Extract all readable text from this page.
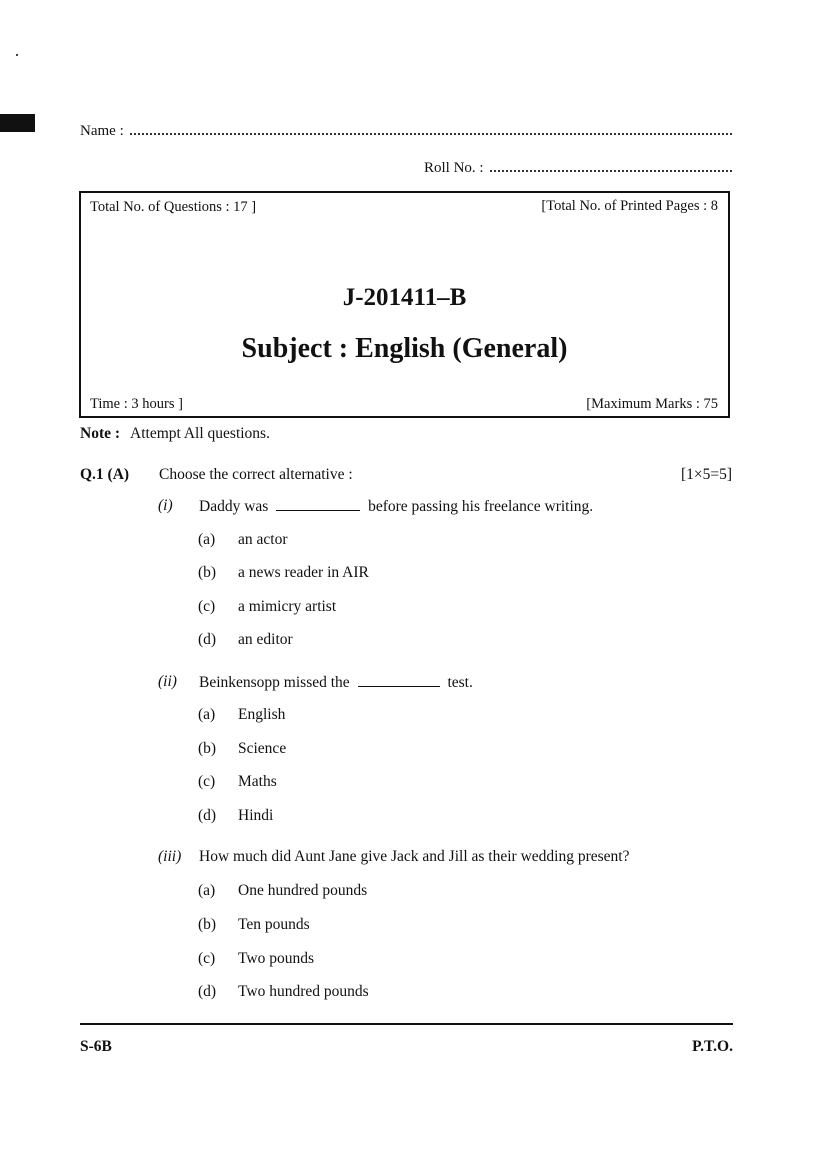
Name :
Roll No. :
Total No. of Questions : 17 ]	[Total No. of Printed Pages : 8
J-201411–B
Subject : English (General)
Time : 3 hours ]	[Maximum Marks : 75
Note : Attempt All questions.
Q.1 (A) Choose the correct alternative :	[1×5=5]
(i) Daddy was	before passing his freelance writing.
(a) an actor
(b) a news reader in AIR
(c) a mimicry artist
(d) an editor
(ii) Beinkensopp missed the	test.
(a) English
(b) Science
(c) Maths
(d) Hindi
(iii) How much did Aunt Jane give Jack and Jill as their wedding present?
(a) One hundred pounds
(b) Ten pounds
(c) Two pounds
(d) Two hundred pounds
S-6B	P.T.O.
